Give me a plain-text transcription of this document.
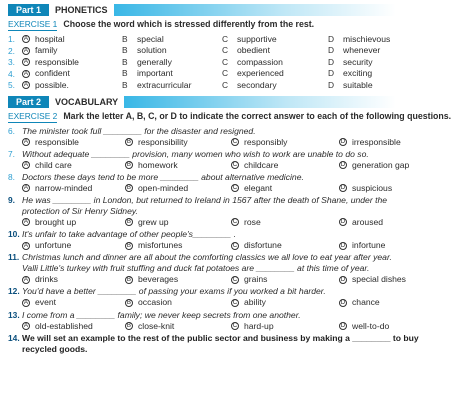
Part 1	PHONETICS
EXERCISE 1 Choose the word which is stressed differently from the rest.
1.	A hospital	B	special	C	supportive	D	mischievous
2.	A family	B	solution	C	obedient	D	whenever
3.	A responsible	B	generally	C	compassion	D	security
4.	A confident	B	important	C	experienced	D	exciting
5.	A possible.	B	extracurricular	C	secondary	D	suitable
Part 2	VOCABULARY
EXERCISE 2 Mark the letter A, B, C, or D to indicate the correct answer to each of the following questions.
6. The minister took full ________ for the disaster and resigned.
A responsible	B responsibility	C responsibly	D irresponsible
7. Without adequate ________ provision, many women who wish to work are unable to do so.
A child care	B homework	C childcare	D generation gap
8. Doctors these days tend to be more ________ about alternative medicine.
A narrow-minded	B open-minded	C elegant	D suspicious
9. He was ________ in London, but returned to Ireland in 1567 after the death of Shane, under the
protection of Sir Henry Sidney.
A brought up	B grew up	C rose	D aroused
10. It's unfair to take advantage of other people's________ .
A unfortune	B misfortunes	C disfortune	D infortune
11. Christmas lunch and dinner are all about the comforting classics we all love to eat year after year.
Valli Little's turkey with fruit stuffing and duck fat potatoes are ________ at this time of year.
A drinks	B beverages	C grains	D special dishes
12. You'd have a better ________ of passing your exams if you worked a bit harder.
A event	B occasion	C ability	D chance
13. I come from a ________ family; we never keep secrets from one another.
A old-established	B close-knit	C hard-up	D well-to-do
14. We will set an example to the rest of the public sector and business by making a ________ to buy
recycled goods.
